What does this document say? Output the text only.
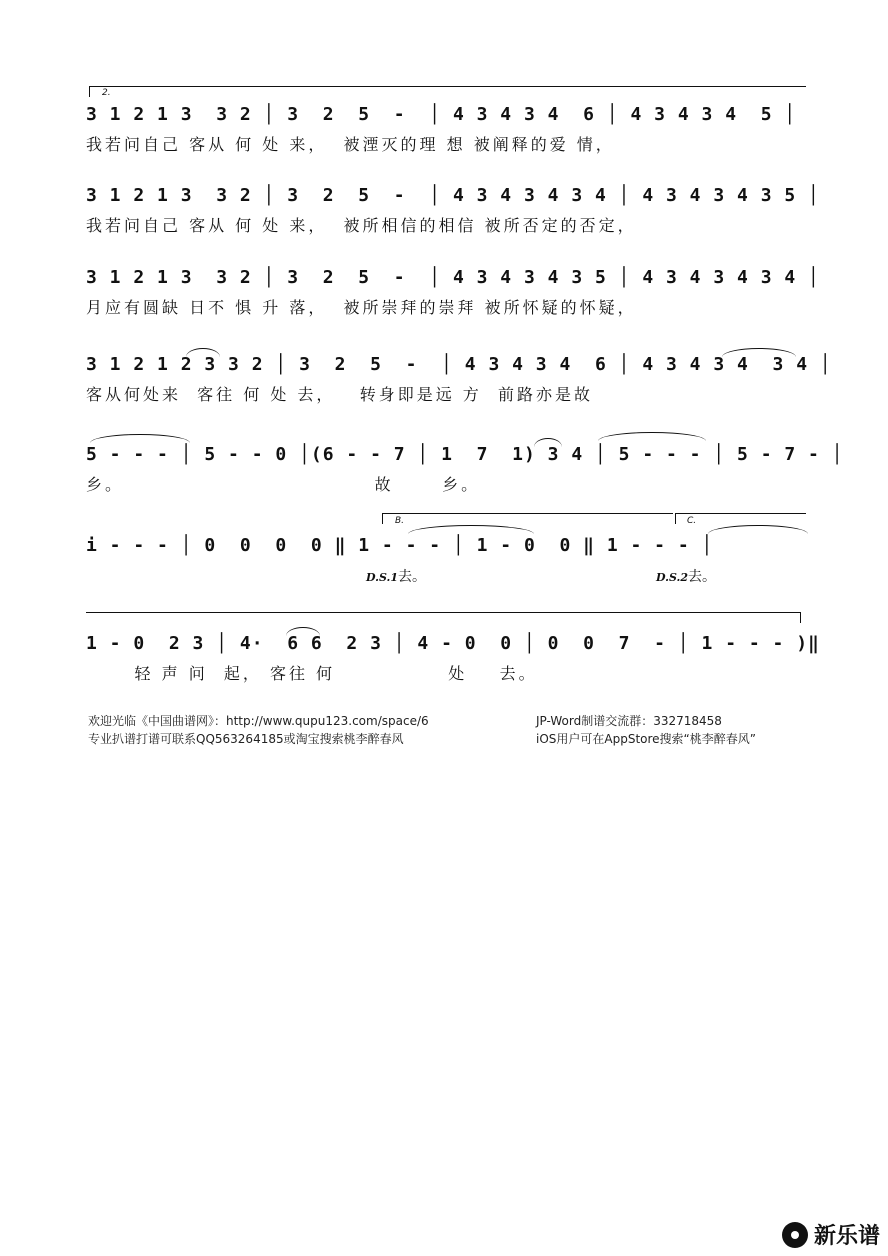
2.
3 1 2 1 3  3 2 │ 3  2  5  -  │ 4 3 4 3 4  6 │ 4 3 4 3 4  5 │
我若问自己 客从 何 处 来，  被湮灭的理 想 被阐释的爱 情，
3 1 2 1 3  3 2 │ 3  2  5  -  │ 4 3 4 3 4 3 4 │ 4 3 4 3 4 3 5 │
我若问自己 客从 何 处 来，  被所相信的相信 被所否定的否定，
3 1 2 1 3  3 2 │ 3  2  5  -  │ 4 3 4 3 4 3 5 │ 4 3 4 3 4 3 4 │
月应有圆缺 日不 惧 升 落，  被所崇拜的崇拜 被所怀疑的怀疑，
3 1 2 1 2 3 3 2 │ 3  2  5  -  │ 4 3 4 3 4  6 │ 4 3 4 3 4  3 4 │
客从何处来  客往 何 处 去，   转身即是远 方  前路亦是故
5 - - - │ 5 - - 0 │(6 - - 7 │ 1  7  1) 3 4 │ 5 - - - │ 5 - 7 - │
乡。                               故      乡。
B.	C.
i - - - │ 0  0  0  0 ‖ 1 - - - │ 1 - 0  0 ‖ 1 - - - │
D.S.1去。	D.S.2去。
1 - 0  2 3 │ 4·  6 6  2 3 │ 4 - 0  0 │ 0  0  7  - │ 1 - - - )‖
轻 声 问  起， 客往 何              处    去。
欢迎光临《中国曲谱网》：http://www.qupu123.com/space/6
专业扒谱打谱可联系QQ563264185或淘宝搜索桃李醉春风
JP-Word制谱交流群：332718458
iOS用户可在AppStore搜索“桃李醉春风”
新乐谱
